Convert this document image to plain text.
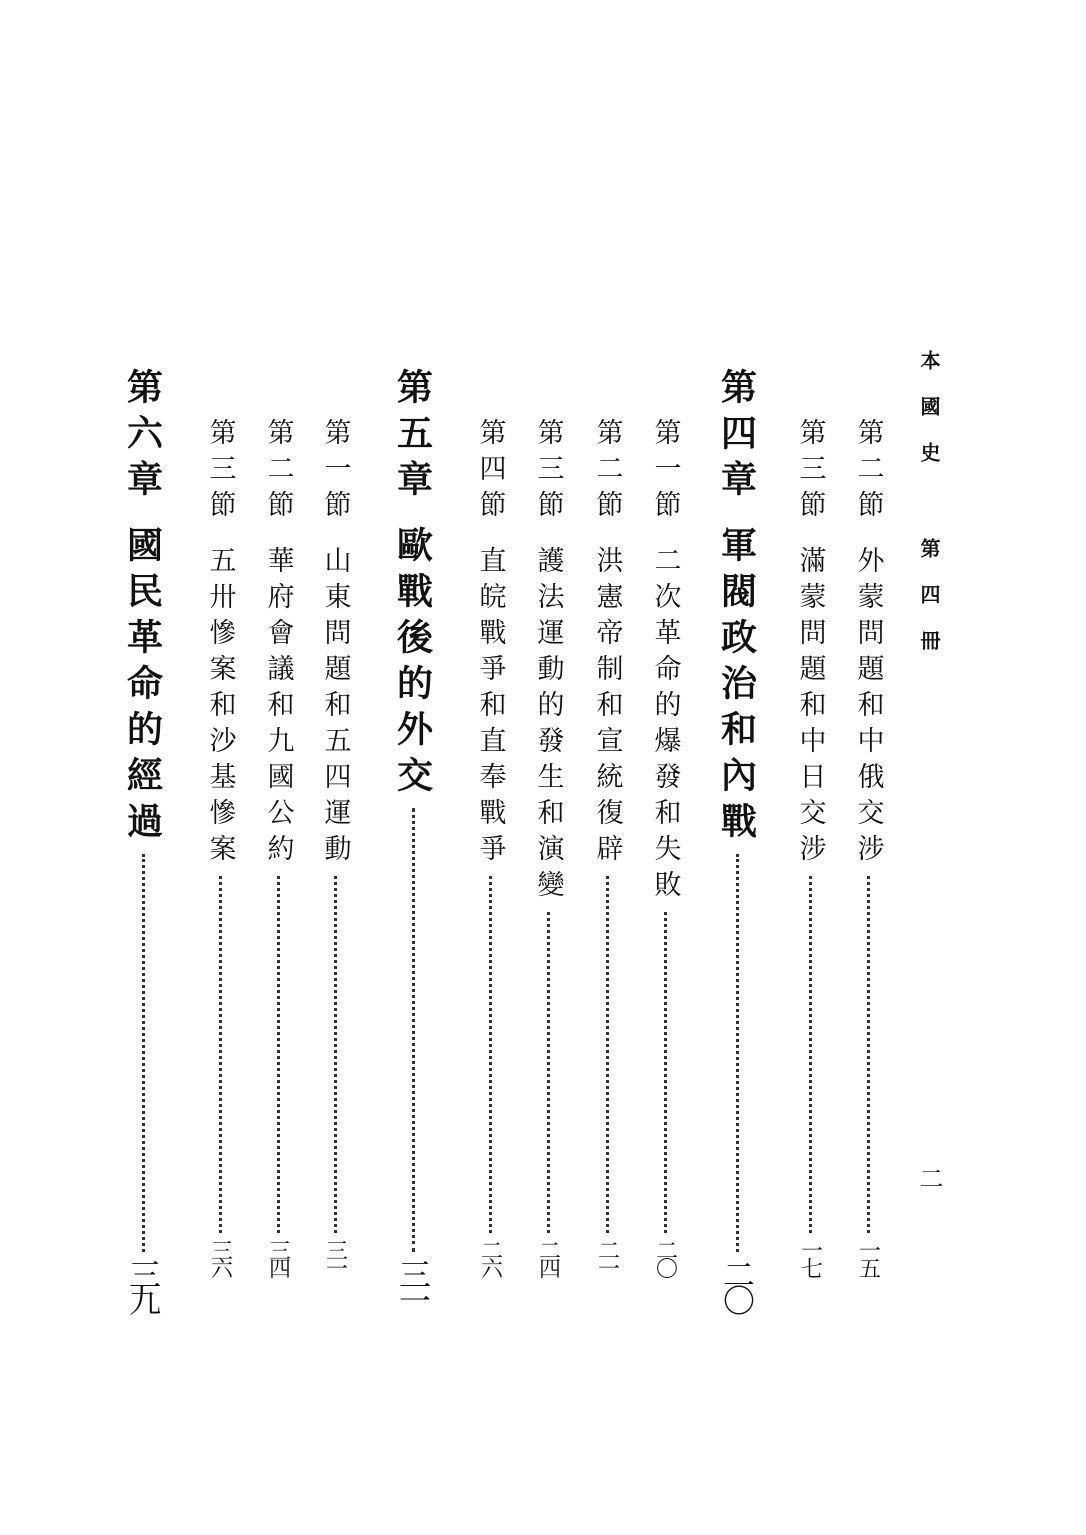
本國史 第四冊
二
第二節
外蒙問題和中俄交涉
一五
第三節
滿蒙問題和中日交涉
一七
第四章
軍閥政治和內戰
二〇
第一節
二次革命的爆發和失敗
二〇
第二節
洪憲帝制和宣統復辟
二一
第三節
護法運動的發生和演變
二四
第四節
直皖戰爭和直奉戰爭
二六
第五章
歐戰後的外交
三一
第一節
山東問題和五四運動
三一
第二節
華府會議和九國公約
三四
第三節
五卅慘案和沙基慘案
三六
第六章
國民革命的經過
三九
